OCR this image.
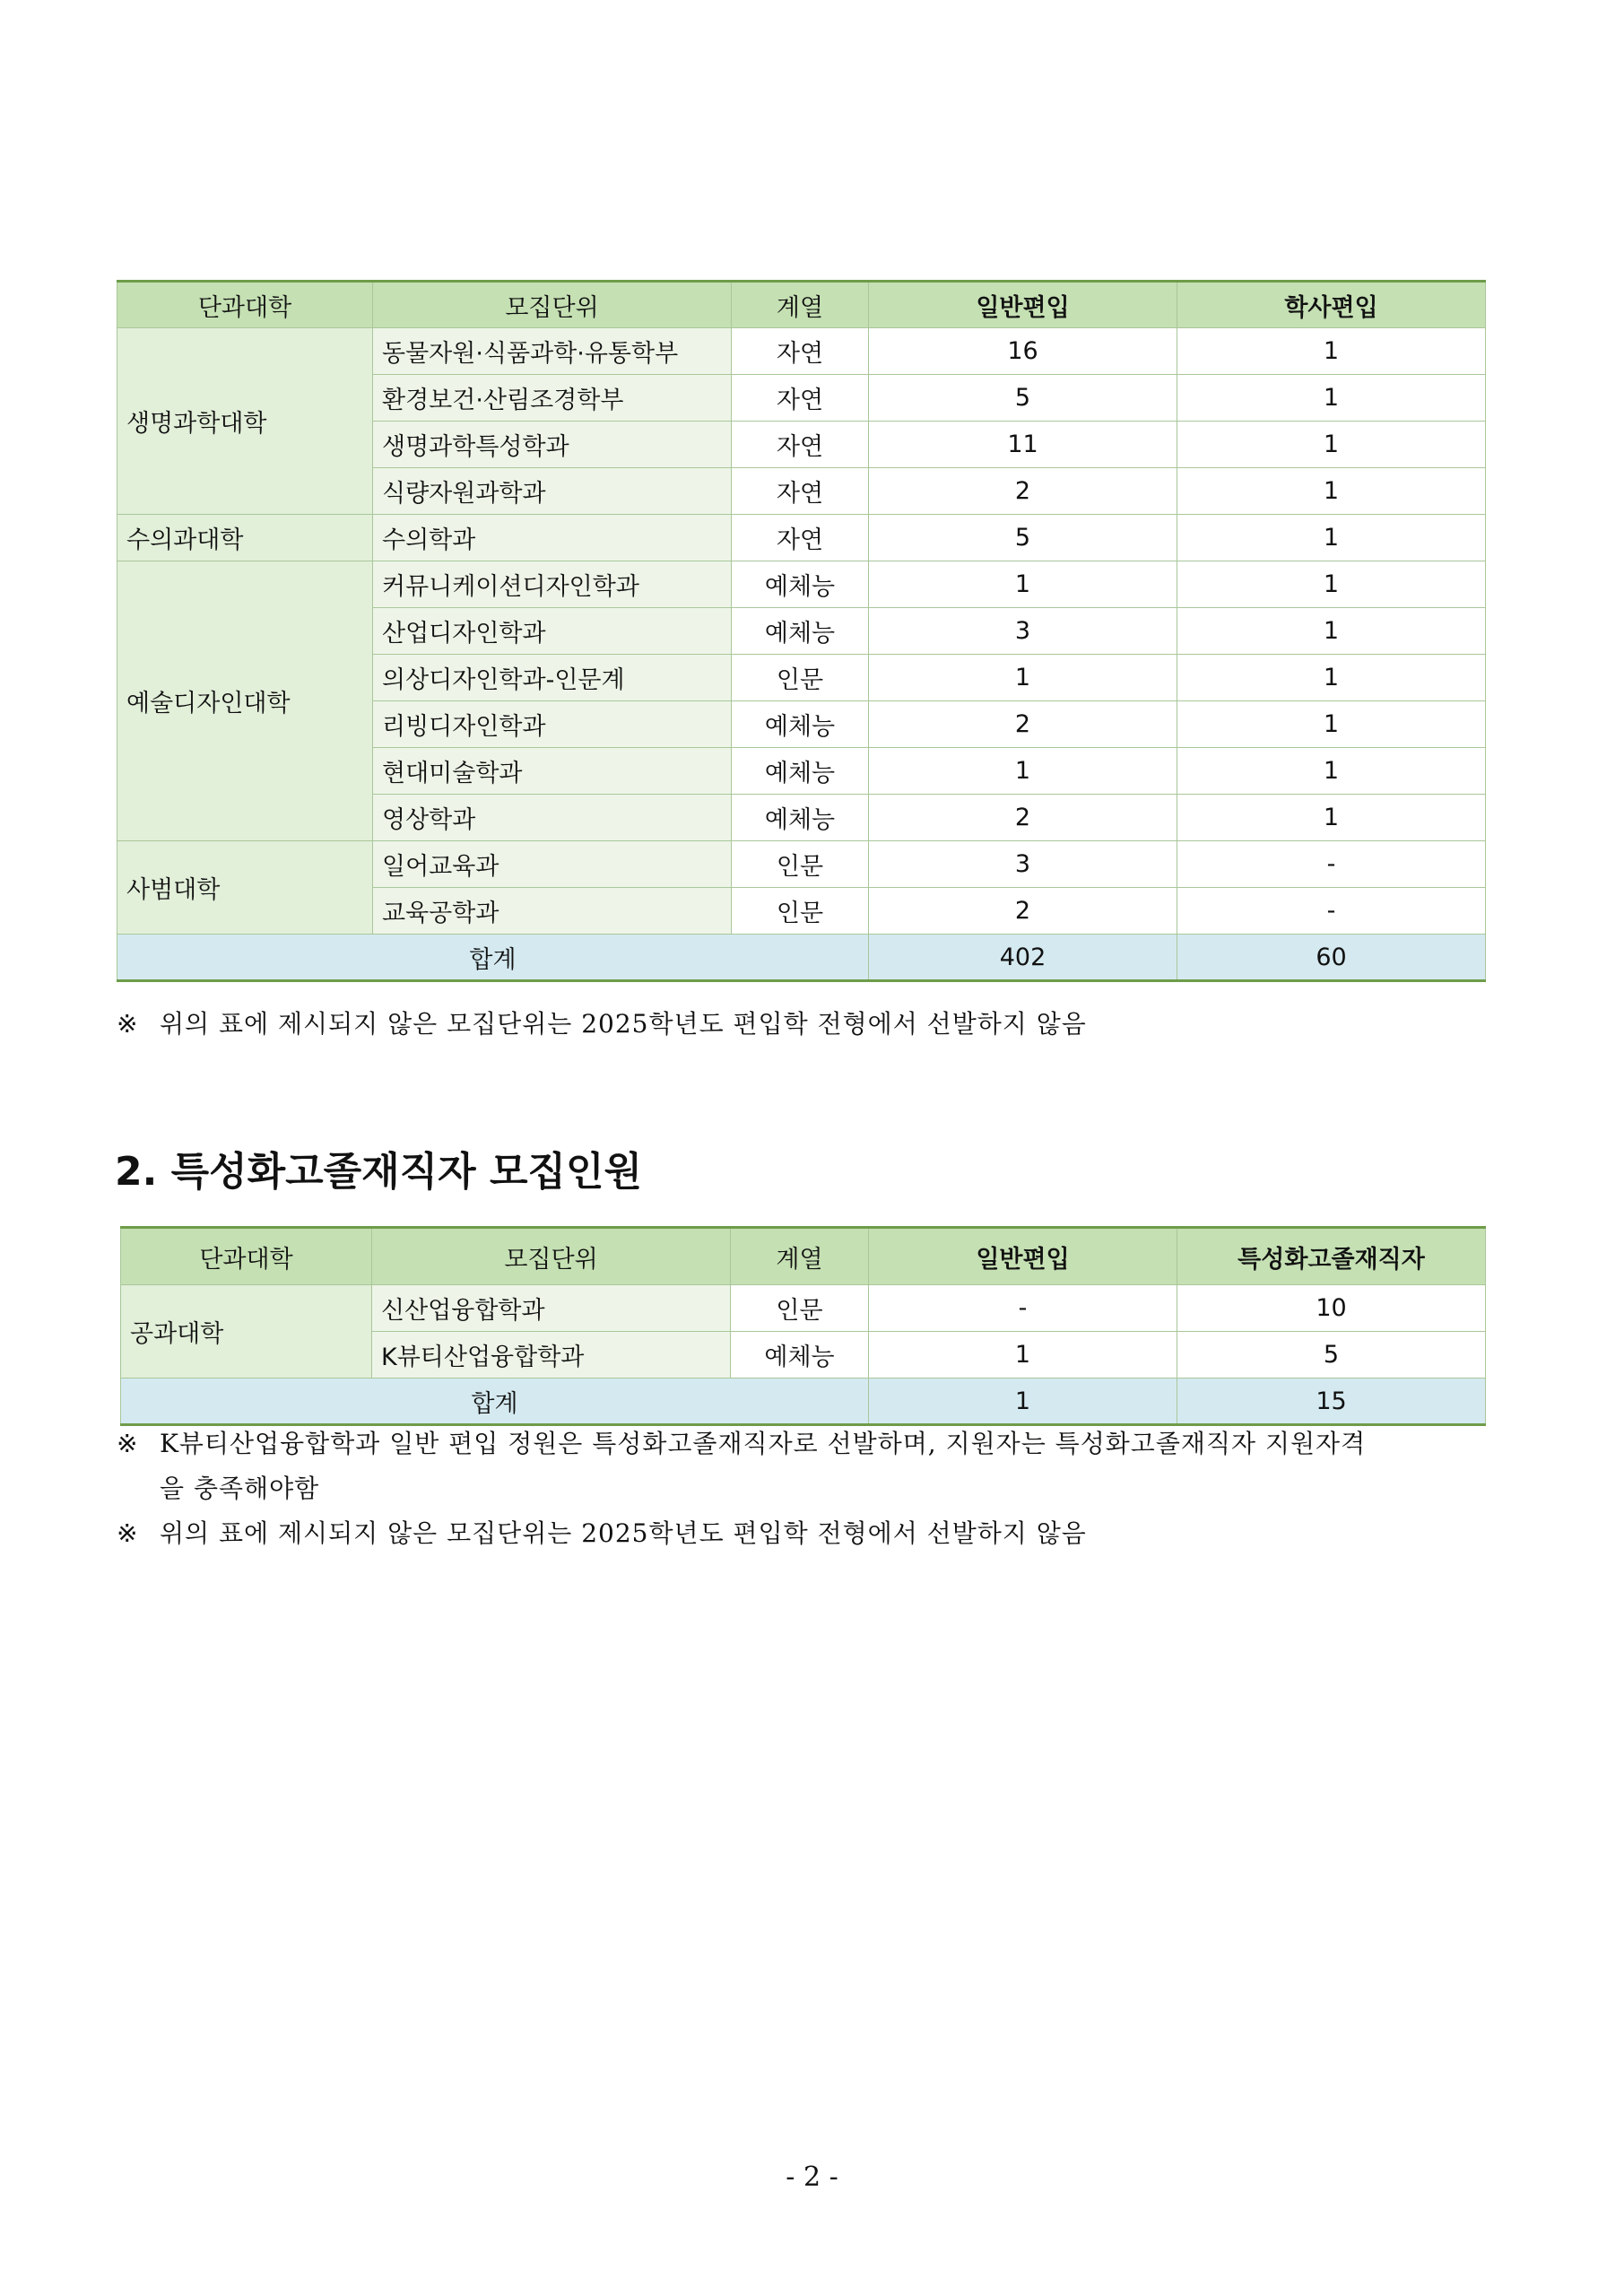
단과대학	모집단위	계열	일반편입	학사편입
생명과학대학	동물자원·식품과학·유통학부	자연	16	1
	환경보건·산림조경학부	자연	5	1
	생명과학특성학과	자연	11	1
	식량자원과학과	자연	2	1
수의과대학	수의학과	자연	5	1
예술디자인대학	커뮤니케이션디자인학과	예체능	1	1
	산업디자인학과	예체능	3	1
	의상디자인학과-인문계	인문	1	1
	리빙디자인학과	예체능	2	1
	현대미술학과	예체능	1	1
	영상학과	예체능	2	1
사범대학	일어교육과	인문	3	-
	교육공학과	인문	2	-
합계			402	60
※ 위의 표에 제시되지 않은 모집단위는 2025학년도 편입학 전형에서 선발하지 않음
2. 특성화고졸재직자 모집인원
단과대학	모집단위	계열	일반편입	특성화고졸재직자
공과대학	신산업융합학과	인문	-	10
	K뷰티산업융합학과	예체능	1	5
합계			1	15
※ K뷰티산업융합학과 일반 편입 정원은 특성화고졸재직자로 선발하며, 지원자는 특성화고졸재직자 지원자격
을 충족해야함
※ 위의 표에 제시되지 않은 모집단위는 2025학년도 편입학 전형에서 선발하지 않음
- 2 -
